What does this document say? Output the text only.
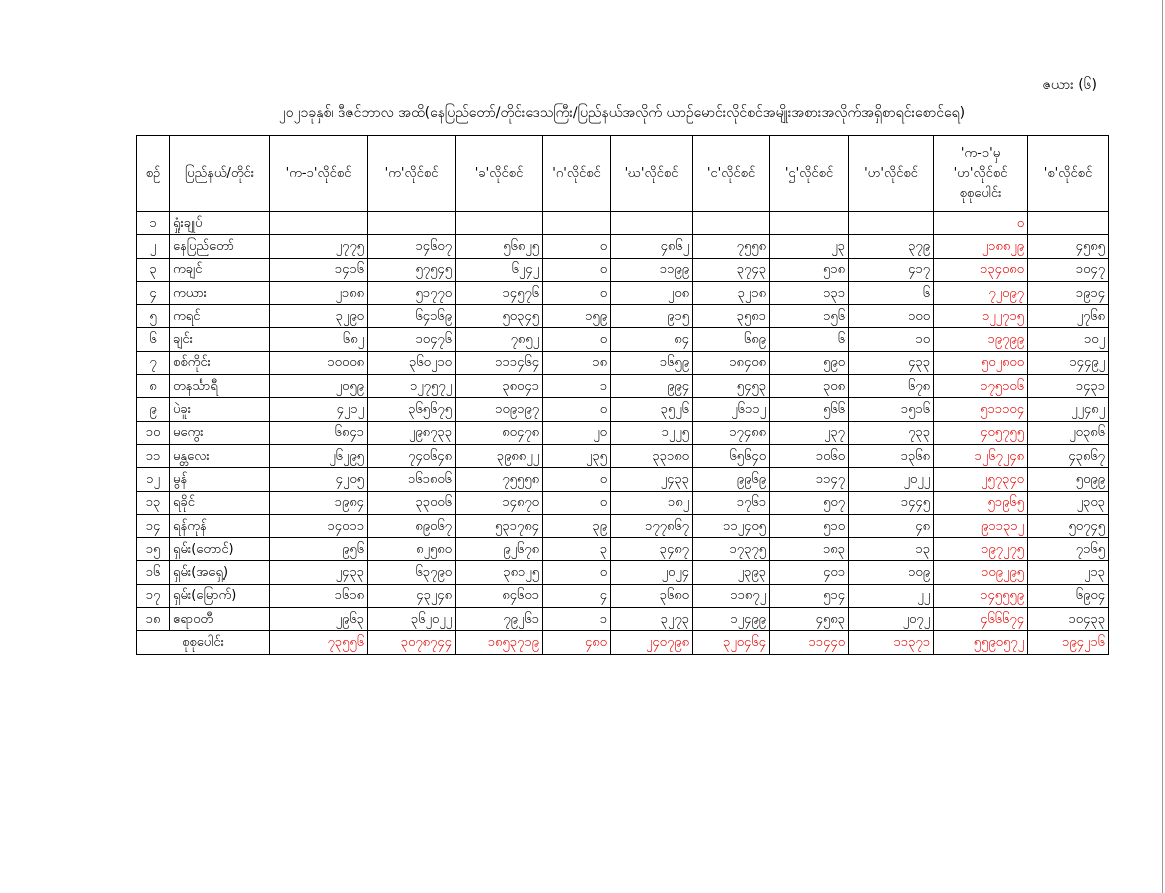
ဇယား (၆)
၂၀၂၁ခုနှစ်၊ ဒီဇင်ဘာလ အထိ(နေပြည်တော်/တိုင်းဒေသကြီး/ပြည်နယ်အလိုက် ယာဉ်မောင်းလိုင်စင်အမျိုးအစားအလိုက်အရှိစာရင်းစောင်ရေ)
စဉ်	ပြည်နယ်/တိုင်း	'က-၁'လိုင်စင်	'က'လိုင်စင်	'ခ'လိုင်စင်	'ဂ'လိုင်စင်	'ဃ'လိုင်စင်	'င'လိုင်စင်	'ဌ'လိုင်စင်	'ဟ'လိုင်စင်	'က-၁'မှ 'ဟ'လိုင်စင် စုစုပေါင်း	'စ'လိုင်စင်
၁	ရှုံးချုပ်									၀	
၂	နေပြည်တော်	၂၇၇၅	၁၄၆၀၇	၅၆၈၂၅	၀	၄၈၆၂	၇၅၅၈	၂၃	၃၇၉	၂၁၈၈၂၉	၄၅၈၅
၃	ကချင်	၁၄၁၆	၅၇၅၄၅	၆၂၄၂	၀	၁၁၉၉	၃၇၄၃	၅၁၈	၄၁၇	၁၃၄၀၈၀	၁၀၄၇
၄	ကယား	၂၁၈၈	၅၁၇၇၀	၁၄၅၇၆	၀	၂၀၈	၃၂၁၈	၁၃၁	၆	၇၂၀၉၇	၁၉၁၄
၅	ကရင်	၃၂၉၀	၆၄၁၆၉	၅၀၃၄၅	၁၅၉	၉၁၅	၃၅၈၁	၁၅၆	၁၀၀	၁၂၂၇၁၅	၂၇၆၈
၆	ချင်း	၆၈၂	၁၀၄၇၆	၇၈၅၂	၀	၈၄	၆၈၉	၆	၁၀	၁၉၇၉၉	၁၀၂
၇	စစ်ကိုင်း	၁၀၀၀၈	၃၆၀၂၁၀	၁၁၁၄၆၄	၁၈	၁၆၅၉	၁၈၄၀၈	၅၉၀	၄၃၃	၅၀၂၈၀၀	၁၄၄၉၂
၈	တနင်္သာရီ	၂၀၅၉	၁၂၇၅၇၂	၃၈၀၄၁	၁	၉၉၄	၅၄၅၃	၃၀၈	၆၇၈	၁၇၅၁၀၆	၁၄၃၁
၉	ပဲခူး	၄၂၁၂	၃၆၅၆၇၅	၁၀၉၁၉၇	၀	၃၅၂၆	၂၆၁၁၂	၅၆၆	၁၅၁၆	၅၁၁၁၀၄	၂၂၄၈၂
၁၀	မကွေး	၆၈၄၁	၂၉၈၇၃၃	၈၀၄၇၈	၂၀	၁၂၂၅	၁၇၄၈၈	၂၃၇	၇၃၃	၄၀၅၇၅၅	၂၀၃၈၆
၁၁	မန္တလေး	၂၆၂၉၅	၇၄၀၆၄၈	၃၉၈၈၂၂	၂၃၅	၃၃၁၈၀	၆၅၆၄၀	၁၀၆၀	၁၃၆၈	၁၂၆၇၂၄၈	၄၃၈၆၇
၁၂	မွန်	၄၂၀၅	၁၆၁၈၀၆	၇၅၅၅၈	၀	၂၄၃၃	၉၉၆၉	၁၁၄၇	၂၀၂၂	၂၅၇၃၄၀	၅၀၉၉
၁၃	ရခိုင်	၁၉၈၄	၃၃၀၀၆	၁၄၈၇၀	၀	၁၈၂	၁၇၆၁	၅၀၇	၁၄၄၅	၅၁၉၆၅	၂၃၀၃
၁၄	ရန်ကုန်	၁၄၀၁၁	၈၉၀၆၇	၅၃၁၇၈၄	၃၉	၁၇၇၈၆၇	၁၁၂၄၀၅	၅၁၀	၄၈	၉၁၁၃၁၂	၅၀၇၄၅
၁၅	ရှမ်း(တောင်)	၉၅၆	၈၂၅၈၀	၉၂၆၇၈	၃	၃၄၈၇	၁၇၃၇၅	၁၈၃	၁၃	၁၉၇၂၇၅	၇၁၆၅
၁၆	ရှမ်း(အရှေ့)	၂၄၃၃	၆၃၇၉၀	၃၈၁၂၅	၀	၂၀၂၄	၂၃၉၃	၄၀၁	၁၀၉	၁၀၉၂၉၅	၂၁၃
၁၇	ရှမ်း(မြောက်)	၁၆၁၈	၄၃၂၄၈	၈၄၆၀၁	၄	၃၆၈၀	၁၁၈၇၂	၅၁၄	၂၂	၁၄၅၅၅၉	၆၉၀၄
၁၈	ဧရာဝတီ	၂၉၆၃	၃၆၂၀၂၂	၇၉၂၆၁	၁	၃၂၇၃	၁၂၄၉၉	၄၅၈၃	၂၀၇၂	၄၆၆၆၇၄	၁၀၄၃၃
စုစုပေါင်း		၇၃၅၅၆	၃၀၇၈၇၄၄	၁၈၅၃၇၁၉	၄၈၀	၂၄၀၇၉၈	၃၂၀၄၆၄	၁၁၄၄၀	၁၁၃၇၁	၅၅၉၀၅၇၂	၁၉၄၂၁၆
